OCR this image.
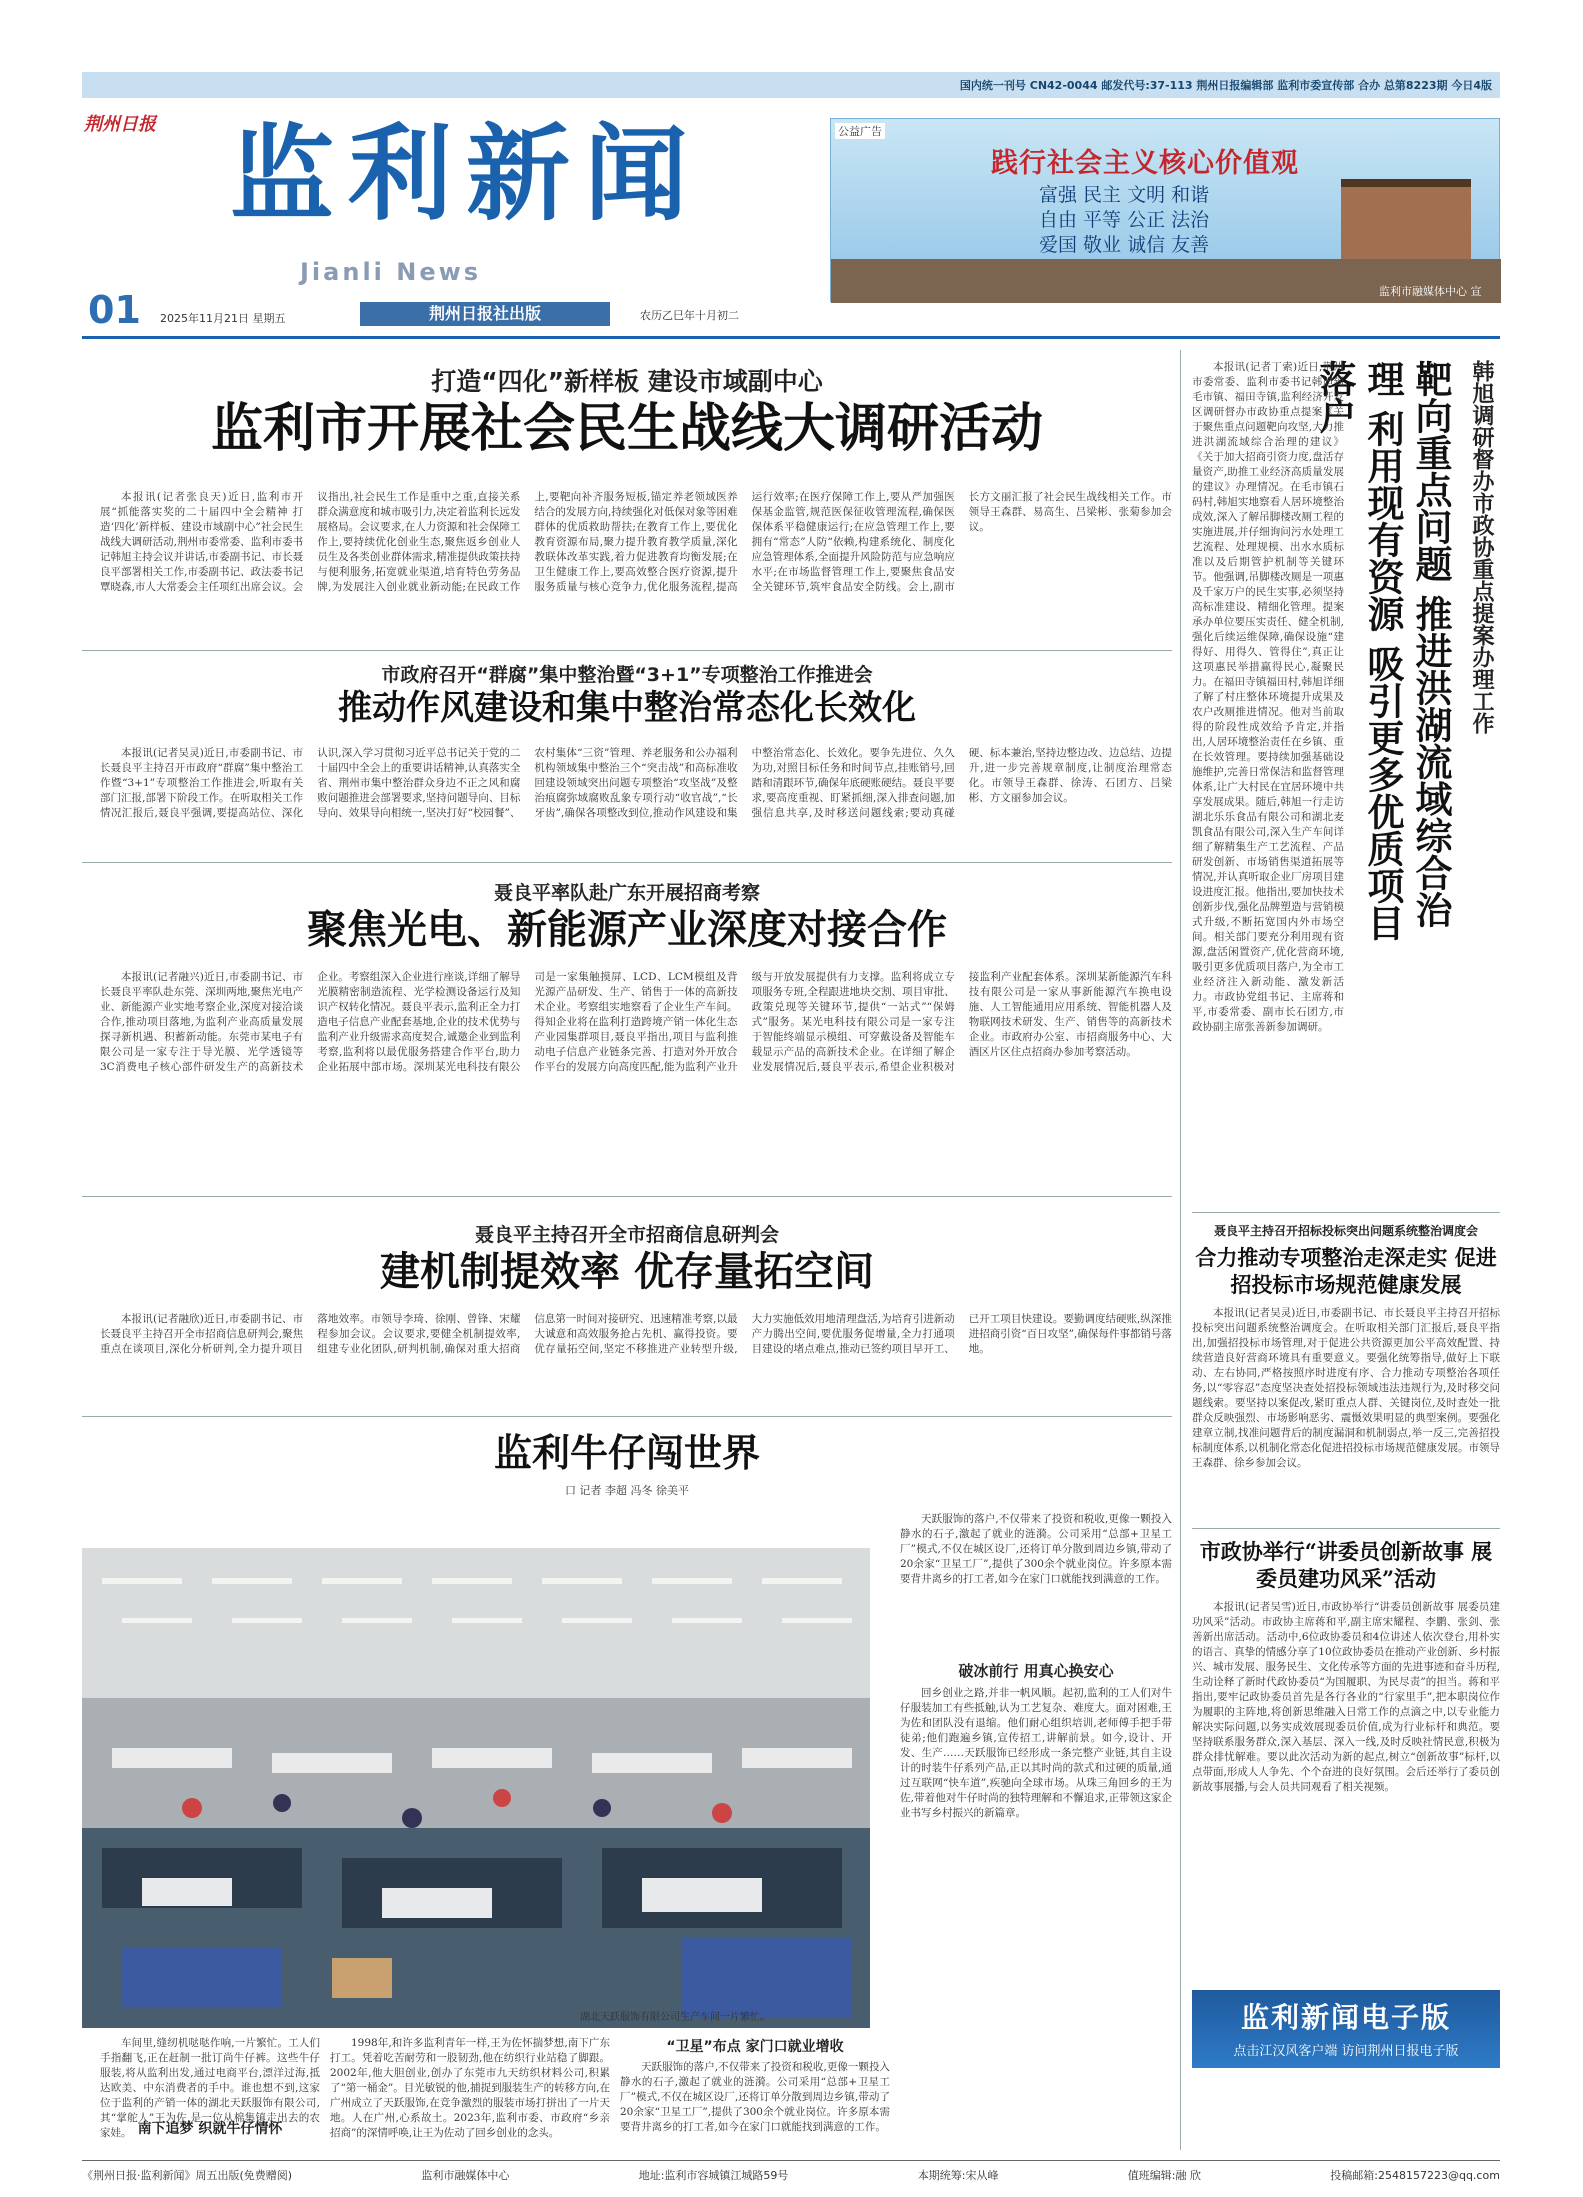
国内统一刊号 CN42-0044 邮发代号:37-113 荆州日报编辑部 监利市委宣传部 合办 总第8223期 今日4版
荆州日报 监利新闻
Jianli News
01 2025年11月21日 星期五	荆州日报社出版	农历乙巳年十月初二
公益广告
践行社会主义核心价值观
富强 民主 文明 和谐
自由 平等 公正 法治
爱国 敬业 诚信 友善
监利市融媒体中心 宣
打造“四化”新样板 建设市域副中心
监利市开展社会民生战线大调研活动
本报讯(记者张良天)近日,监利市开展“抓能落实奖的二十届四中全会精神 打造‘四化’新样板、建设市域副中心”社会民生战线大调研活动,荆州市委常委、监利市委书记韩旭主持会议并讲话,市委副书记、市长聂良平部署相关工作,市委副书记、政法委书记覃晓森,市人大常委会主任项红出席会议。会议指出,社会民生工作是重中之重,直接关系群众满意度和城市吸引力,决定着监利长远发展格局。会议要求,在人力资源和社会保障工作上,要持续优化创业生态,聚焦返乡创业人员生及各类创业群体需求,精准提供政策扶持与便利服务,拓宽就业渠道,培育特色劳务品牌,为发展注入创业就业新动能;在民政工作上,要靶向补齐服务短板,锚定养老领域医养结合的发展方向,持续强化对低保对象等困难群体的优质救助帮扶;在教育工作上,要优化教育资源布局,聚力提升教育教学质量,深化教联体改革实践,着力促进教育均衡发展;在卫生健康工作上,要高效整合医疗资源,提升服务质量与核心竞争力,优化服务流程,提高运行效率;在医疗保障工作上,要从严加强医保基金监管,规范医保征收管理流程,确保医保体系平稳健康运行;在应急管理工作上,要拥有“常态”人防“依赖,构建系统化、制度化应急管理体系,全面提升风险防范与应急响应水平;在市场监督管理工作上,要聚焦食品安全关键环节,筑牢食品安全防线。会上,副市长方文丽汇报了社会民生战线相关工作。市领导王森群、易高生、吕梁彬、张菊参加会议。
市政府召开“群腐”集中整治暨“3+1”专项整治工作推进会
推动作风建设和集中整治常态化长效化
本报讯(记者吴灵)近日,市委副书记、市长聂良平主持召开市政府“群腐”集中整治工作暨“3+1”专项整治工作推进会,听取有关部门汇报,部署下阶段工作。在听取相关工作情况汇报后,聂良平强调,要提高站位、深化认识,深入学习贯彻习近平总书记关于党的二十届四中全会上的重要讲话精神,认真落实全省、荆州市集中整治群众身边不正之风和腐败问题推进会部署要求,坚持问题导向、目标导向、效果导向相统一,坚决打好“校园餐”、农村集体“三资”管理、养老服务和公办福利机构领域集中整治三个“突击战”和高标准收回建设领域突出问题专项整治“攻坚战”及整治痕腐弥域腐败乱象专项行动“收官战”,“长牙齿”,确保各项整改到位,推动作风建设和集中整治常态化、长效化。要争先进位、久久为功,对照目标任务和时间节点,挂账销号,回踏和清跟环节,确保年底硬账硬结。聂良平要求,要高度重视、盯紧抓细,深入排查问题,加强信息共享,及时移送问题线索;要动真碰硬、标本兼治,坚持边整边改、边总结、边提升,进一步完善规章制度,让制度治理常态化。市领导王森群、徐涛、石团方、吕梁彬、方文丽参加会议。
聂良平率队赴广东开展招商考察
聚焦光电、新能源产业深度对接合作
本报讯(记者融兴)近日,市委副书记、市长聂良平率队赴东莞、深圳两地,聚焦光电产业、新能源产业实地考察企业,深度对接洽谈合作,推动项目落地,为监利产业高质量发展探寻新机遇、积蓄新动能。东莞市某电子有限公司是一家专注于导光膜、光学透镜等3C消费电子核心部件研发生产的高新技术企业。考察组深入企业进行座谈,详细了解导光膜精密制造流程、光学检测设备运行及知识产权转化情况。聂良平表示,监利正全力打造电子信息产业配套基地,企业的技术优势与监利产业升级需求高度契合,诚邀企业到监利考察,监利将以最优服务搭建合作平台,助力企业拓展中部市场。深圳某光电科技有限公司是一家集触摸屏、LCD、LCM模组及背光源产品研发、生产、销售于一体的高新技术企业。考察组实地察看了企业生产车间。得知企业将在监利打造跨境产销一体化生态产业园集群项目,聂良平指出,项目与监利推动电子信息产业链条完善、打造对外开放合作平台的发展方向高度匹配,能为监利产业升级与开放发展提供有力支撑。监利将成立专项服务专班,全程跟进地块交割、项目审批、政策兑现等关键环节,提供“一站式”“保姆式”服务。某光电科技有限公司是一家专注于智能终端显示模组、可穿戴设备及智能车载显示产品的高新技术企业。在详细了解企业发展情况后,聂良平表示,希望企业积极对接监利产业配套体系。深圳某新能源汽车科技有限公司是一家从事新能源汽车换电设施、人工智能通用应用系统、智能机器人及物联网技术研发、生产、销售等的高新技术企业。市政府办公室、市招商服务中心、大酒区片区住点招商办参加考察活动。
聂良平主持召开全市招商信息研判会
建机制提效率 优存量拓空间
本报讯(记者融欣)近日,市委副书记、市长聂良平主持召开全市招商信息研判会,聚焦重点在谈项目,深化分析研判,全力提升项目落地效率。市领导李琦、徐刚、曾锋、宋耀程参加会议。会议要求,要健全机制提效率,组建专业化团队,研判机制,确保对重大招商信息第一时间对接研究、迅速精准考察,以最大诚意和高效服务抢占先机、赢得投资。要优存量拓空间,坚定不移推进产业转型升级,大力实施低效用地清理盘活,为培育引进新动产力腾出空间,要优服务促增量,全力打通项目建设的堵点难点,推动已签约项目早开工、已开工项目快建设。要勤调度结硬账,纵深推进招商引资“百日攻坚”,确保每件事都销号落地。
监利牛仔闯世界
口 记者 李超 冯冬 徐美平
湖北天跃服饰有限公司生产车间一片繁忙。
天跃服饰的落户,不仅带来了投资和税收,更像一颗投入静水的石子,激起了就业的涟漪。公司采用“总部+卫星工厂”模式,不仅在城区设厂,还将订单分散到周边乡镇,带动了20余家“卫星工厂”,提供了300余个就业岗位。许多原本需要背井离乡的打工者,如今在家门口就能找到满意的工作。
破冰前行 用真心换安心
回乡创业之路,并非一帆风顺。起初,监利的工人们对牛仔服装加工有些抵触,认为工艺复杂、难度大。面对困难,王为佐和团队没有退缩。他们耐心组织培训,老师傅手把手带徒弟;他们跑遍乡镇,宣传招工,讲解前景。如今,设计、开发、生产……天跃服饰已经形成一条完整产业链,其自主设计的时装牛仔系列产品,正以其时尚的款式和过硬的质量,通过互联网“快车道”,疾驰向全球市场。从珠三角回乡的王为佐,带着他对牛仔时尚的独特理解和不懈追求,正带领这家企业书写乡村振兴的新篇章。
车间里,缝纫机哒哒作响,一片繁忙。工人们手指翻飞,正在赶制一批订尚牛仔裤。这些牛仔服装,将从监利出发,通过电商平台,漂洋过海,抵达欧美、中东消费者的手中。谁也想不到,这家位于监利的产销一体的湖北天跃服饰有限公司,其“掌舵人”王为佐,是一位从棉集镇走出去的农家娃。 南下追梦 织就牛仔情怀
1998年,和许多监利青年一样,王为佐怀揣梦想,南下广东打工。凭着吃苦耐劳和一股韧劲,他在纺织行业站稳了脚跟。2002年,他大胆创业,创办了东莞市九天纺织材料公司,积累了“第一桶金”。目光敏锐的他,捕捉到服装生产的转移方向,在广州成立了天跃服饰,在竞争激烈的服装市场打拼出了一片天地。人在广州,心系故土。2023年,监利市委、市政府“乡亲招商”的深情呼唤,让王为佐动了回乡创业的念头。
“卫星”布点 家门口就业增收
天跃服饰的落户,不仅带来了投资和税收,更像一颗投入静水的石子,激起了就业的涟漪。公司采用“总部+卫星工厂”模式,不仅在城区设厂,还将订单分散到周边乡镇,带动了20余家“卫星工厂”,提供了300余个就业岗位。许多原本需要背井离乡的打工者,如今在家门口就能找到满意的工作。
韩旭调研督办市政协重点提案办理工作
靶向重点问题 推进洪湖流域综合治理 利用现有资源 吸引更多优质项目落户
本报讯(记者丁索)近日,荆州市委常委、监利市委书记韩旭到毛市镇、福田寺镇,监利经济开发区调研督办市政协重点提案《关于聚焦重点问题靶向攻坚,大力推进洪湖流域综合治理的建议》《关于加大招商引资力度,盘活存量资产,助推工业经济高质量发展的建议》办理情况。在毛市镇石码村,韩旭实地察看人居环境整治成效,深入了解吊脚楼改厕工程的实施进展,并仔细询问污水处理工艺流程、处理规模、出水水质标准以及后期管护机制等关键环节。他强调,吊脚楼改厕是一项惠及千家万户的民生实事,必须坚持高标准建设、精细化管理。提案承办单位要压实责任、健全机制,强化后续运维保障,确保设施“建得好、用得久、管得住”,真正让这项惠民举措赢得民心,凝聚民力。在福田寺镇福田村,韩旭详细了解了村庄整体环境提升成果及农户改厕推进情况。他对当前取得的阶段性成效给予肯定,并指出,人居环境整治责任在乡镇、重在长效管理。要持续加强基础设施维护,完善日常保洁和监督管理体系,让广大村民在宜居环境中共享发展成果。随后,韩旭一行走访湖北乐乐食品有限公司和湖北麦凯食品有限公司,深入生产车间详细了解精集生产工艺流程、产品研发创新、市场销售渠道拓展等情况,并认真听取企业厂房项目建设进度汇报。他指出,要加快技术创新步伐,强化品牌塑造与营销模式升级,不断拓宽国内外市场空间。相关部门要充分利用现有资源,盘活闲置资产,优化营商环境,吸引更多优质项目落户,为全市工业经济注入新动能、激发新活力。市政协党组书记、主席蒋和平,市委常委、副市长石团方,市政协副主席张善新参加调研。
聂良平主持召开招标投标突出问题系统整治调度会
合力推动专项整治走深走实 促进招投标市场规范健康发展
本报讯(记者吴灵)近日,市委副书记、市长聂良平主持召开招标投标突出问题系统整治调度会。在听取相关部门汇报后,聂良平指出,加强招投标市场管理,对于促进公共资源更加公平高效配置、持续营造良好营商环境具有重要意义。要强化统筹指导,做好上下联动、左右协同,严格按照序时进度有序、合力推动专项整治各项任务,以“零容忍”态度坚决查处招投标领域违法违规行为,及时移交问题线索。要坚持以案促改,紧盯重点人群、关键岗位,及时查处一批群众反映强烈、市场影响恶劣、震慑效果明显的典型案例。要强化建章立制,找准问题背后的制度漏洞和机制弱点,举一反三,完善招投标制度体系,以机制化常态化促进招投标市场规范健康发展。市领导王森群、徐乡参加会议。
市政协举行“讲委员创新故事 展委员建功风采”活动
本报讯(记者吴雪)近日,市政协举行“讲委员创新故事 展委员建功风采”活动。市政协主席蒋和平,副主席宋耀程、李鹏、张剑、张善新出席活动。活动中,6位政协委员和4位讲述人依次登台,用朴实的语言、真挚的情感分享了10位政协委员在推动产业创新、乡村振兴、城市发展、服务民生、文化传承等方面的先进事迹和奋斗历程,生动诠释了新时代政协委员“为国履职、为民尽责”的担当。蒋和平指出,要牢记政协委员首先是各行各业的“行家里手”,把本职岗位作为履职的主阵地,将创新思维融入日常工作的点滴之中,以专业能力解决实际问题,以务实成效展现委员价值,成为行业标杆和典范。要坚持联系服务群众,深入基层、深入一线,及时反映社情民意,积极为群众排忧解难。要以此次活动为新的起点,树立“创新故事”标杆,以点带面,形成人人争先、个个奋进的良好氛围。会后还举行了委员创新故事展播,与会人员共同观看了相关视频。
监利新闻电子版
点击江汉风客户端 访问荆州日报电子版
《荆州日报·监利新闻》周五出版(免费赠阅)	监利市融媒体中心	地址:监利市容城镇江城路59号	本期统筹:宋从峰	值班编辑:融 欣	投稿邮箱:2548157223@qq.com
